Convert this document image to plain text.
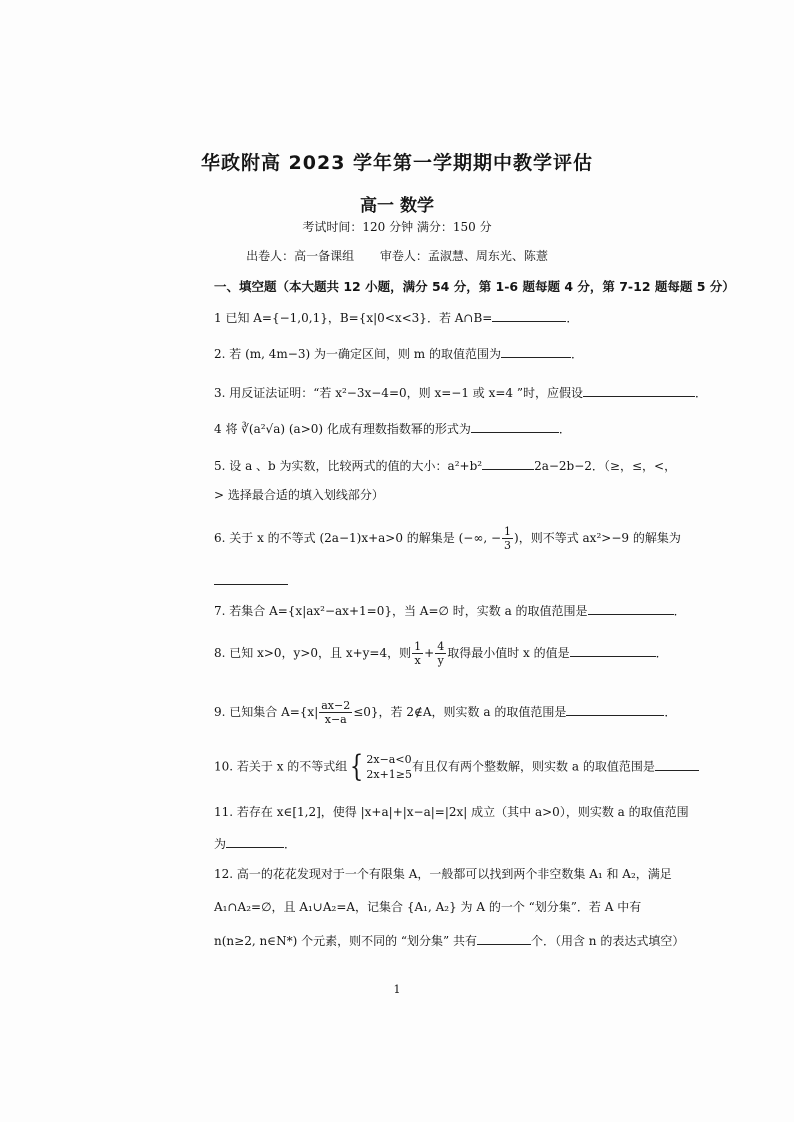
华政附高 2023 学年第一学期期中教学评估
高一 数学
考试时间：120 分钟 满分：150 分
出卷人：高一备课组 审卷人：孟淑慧、周东光、陈薏
一、填空题（本大题共 12 小题，满分 54 分，第 1-6 题每题 4 分，第 7-12 题每题 5 分）
1 已知 A={−1,0,1}，B={x|0<x<3}．若 A∩B=	．
2. 若 (m, 4m−3) 为一确定区间，则 m 的取值范围为	．
3. 用反证法证明：“若 x²−3x−4=0，则 x=−1 或 x=4 ”时，应假设	．
4 将 ∛(a²√a) (a>0) 化成有理数指数幂的形式为	．
5. 设 a 、b 为实数，比较两式的值的大小：a²+b²	2a−2b−2．（≥，≤，<，
> 选择最合适的填入划线部分）
6. 关于 x 的不等式 (2a−1)x+a>0 的解集是 (−∞, − $\frac{1}{3}$ )，则不等式 ax²>−9 的解集为
7. 若集合 A={x|ax²−ax+1=0}，当 A=∅ 时，实数 a 的取值范围是	．
8. 已知 x>0，y>0，且 x+y=4，则 $\frac{1}{x} + \frac{4}{y}$ 取得最小值时 x 的值是	．
9. 已知集合 $A=\{x| \frac{ax-2}{x-a} \le 0\}$，若 2∉A，则实数 a 的取值范围是	．
10. 若关于 x 的不等式组{ 2x−a<0
2x+1≥5
有且仅有两个整数解，则实数 a 的取值范围是
11. 若存在 x∈[1,2]，使得 |x+a|+|x−a|=|2x| 成立（其中 a>0），则实数 a 的取值范围
为	．
12. 高一的花花发现对于一个有限集 A，一般都可以找到两个非空数集 A₁ 和 A₂，满足
A₁∩A₂=∅，且 A₁∪A₂=A，记集合 {A₁, A₂} 为 A 的一个 “划分集”．若 A 中有
n(n≥2, n∈N*) 个元素，则不同的 “划分集” 共有	个．（用含 n 的表达式填空）
1
